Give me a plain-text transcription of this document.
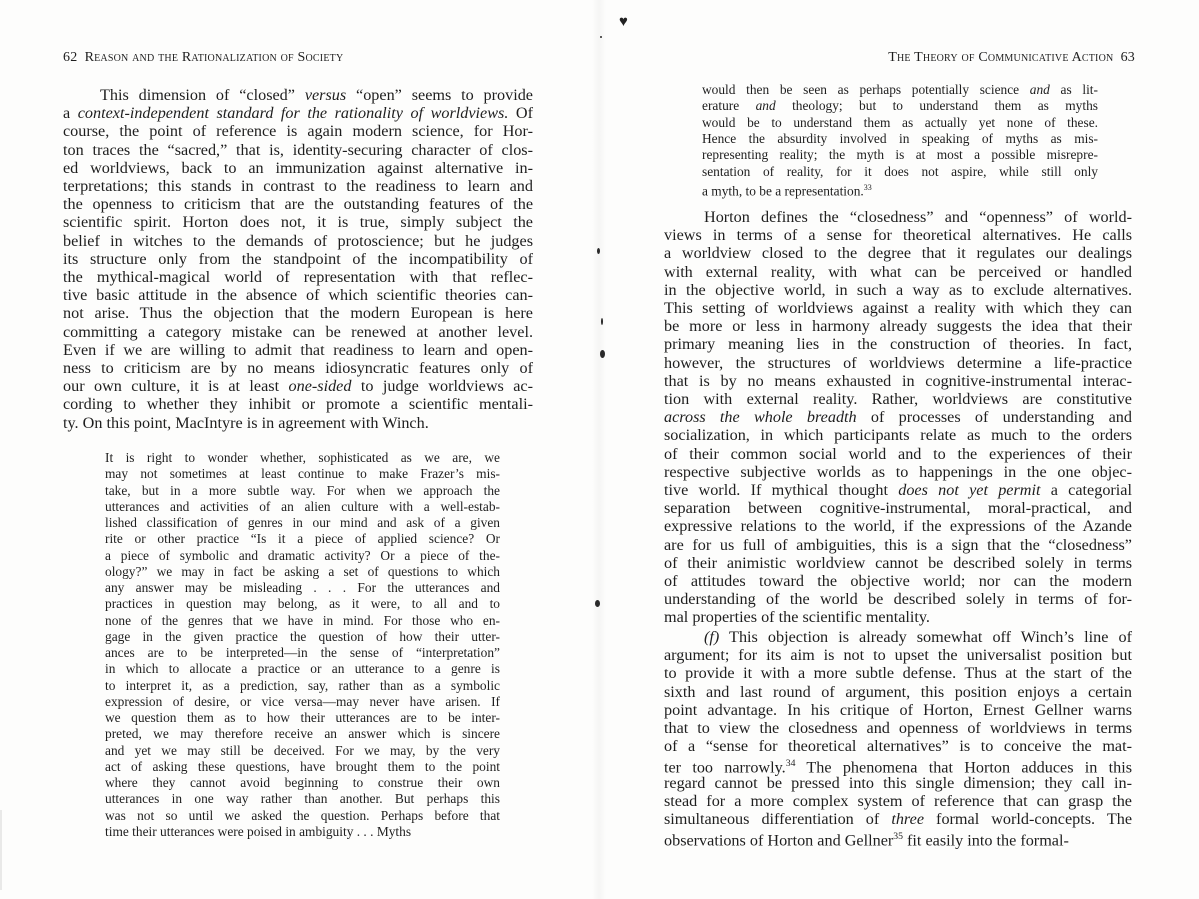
♥
62 Reason and the Rationalization of Society
This dimension of “closed” versus “open” seems to provide
a context-independent standard for the rationality of worldviews. Of
course, the point of reference is again modern science, for Hor-
ton traces the “sacred,” that is, identity-securing character of clos-
ed worldviews, back to an immunization against alternative in-
terpretations; this stands in contrast to the readiness to learn and
the openness to criticism that are the outstanding features of the
scientific spirit. Horton does not, it is true, simply subject the
belief in witches to the demands of protoscience; but he judges
its structure only from the standpoint of the incompatibility of
the mythical-magical world of representation with that reflec-
tive basic attitude in the absence of which scientific theories can-
not arise. Thus the objection that the modern European is here
committing a category mistake can be renewed at another level.
Even if we are willing to admit that readiness to learn and open-
ness to criticism are by no means idiosyncratic features only of
our own culture, it is at least one-sided to judge worldviews ac-
cording to whether they inhibit or promote a scientific mentali-
ty. On this point, MacIntyre is in agreement with Winch.
It is right to wonder whether, sophisticated as we are, we
may not sometimes at least continue to make Frazer’s mis-
take, but in a more subtle way. For when we approach the
utterances and activities of an alien culture with a well-estab-
lished classification of genres in our mind and ask of a given
rite or other practice “Is it a piece of applied science? Or
a piece of symbolic and dramatic activity? Or a piece of the-
ology?” we may in fact be asking a set of questions to which
any answer may be misleading . . . For the utterances and
practices in question may belong, as it were, to all and to
none of the genres that we have in mind. For those who en-
gage in the given practice the question of how their utter-
ances are to be interpreted—in the sense of “interpretation”
in which to allocate a practice or an utterance to a genre is
to interpret it, as a prediction, say, rather than as a symbolic
expression of desire, or vice versa—may never have arisen. If
we question them as to how their utterances are to be inter-
preted, we may therefore receive an answer which is sincere
and yet we may still be deceived. For we may, by the very
act of asking these questions, have brought them to the point
where they cannot avoid beginning to construe their own
utterances in one way rather than another. But perhaps this
was not so until we asked the question. Perhaps before that
time their utterances were poised in ambiguity . . . Myths
The Theory of Communicative Action 63
would then be seen as perhaps potentially science and as lit-
erature and theology; but to understand them as myths
would be to understand them as actually yet none of these.
Hence the absurdity involved in speaking of myths as mis-
representing reality; the myth is at most a possible misrepre-
sentation of reality, for it does not aspire, while still only
a myth, to be a representation.$^{33}$
Horton defines the “closedness” and “openness” of world-
views in terms of a sense for theoretical alternatives. He calls
a worldview closed to the degree that it regulates our dealings
with external reality, with what can be perceived or handled
in the objective world, in such a way as to exclude alternatives.
This setting of worldviews against a reality with which they can
be more or less in harmony already suggests the idea that their
primary meaning lies in the construction of theories. In fact,
however, the structures of worldviews determine a life-practice
that is by no means exhausted in cognitive-instrumental interac-
tion with external reality. Rather, worldviews are constitutive
across the whole breadth of processes of understanding and
socialization, in which participants relate as much to the orders
of their common social world and to the experiences of their
respective subjective worlds as to happenings in the one objec-
tive world. If mythical thought does not yet permit a categorial
separation between cognitive-instrumental, moral-practical, and
expressive relations to the world, if the expressions of the Azande
are for us full of ambiguities, this is a sign that the “closedness”
of their animistic worldview cannot be described solely in terms
of attitudes toward the objective world; nor can the modern
understanding of the world be described solely in terms of for-
mal properties of the scientific mentality.
(f) This objection is already somewhat off Winch’s line of
argument; for its aim is not to upset the universalist position but
to provide it with a more subtle defense. Thus at the start of the
sixth and last round of argument, this position enjoys a certain
point advantage. In his critique of Horton, Ernest Gellner warns
that to view the closedness and openness of worldviews in terms
of a “sense for theoretical alternatives” is to conceive the mat-
ter too narrowly.$^{34}$ The phenomena that Horton adduces in this
regard cannot be pressed into this single dimension; they call in-
stead for a more complex system of reference that can grasp the
simultaneous differentiation of three formal world-concepts. The
observations of Horton and Gellner$^{35}$ fit easily into the formal-
